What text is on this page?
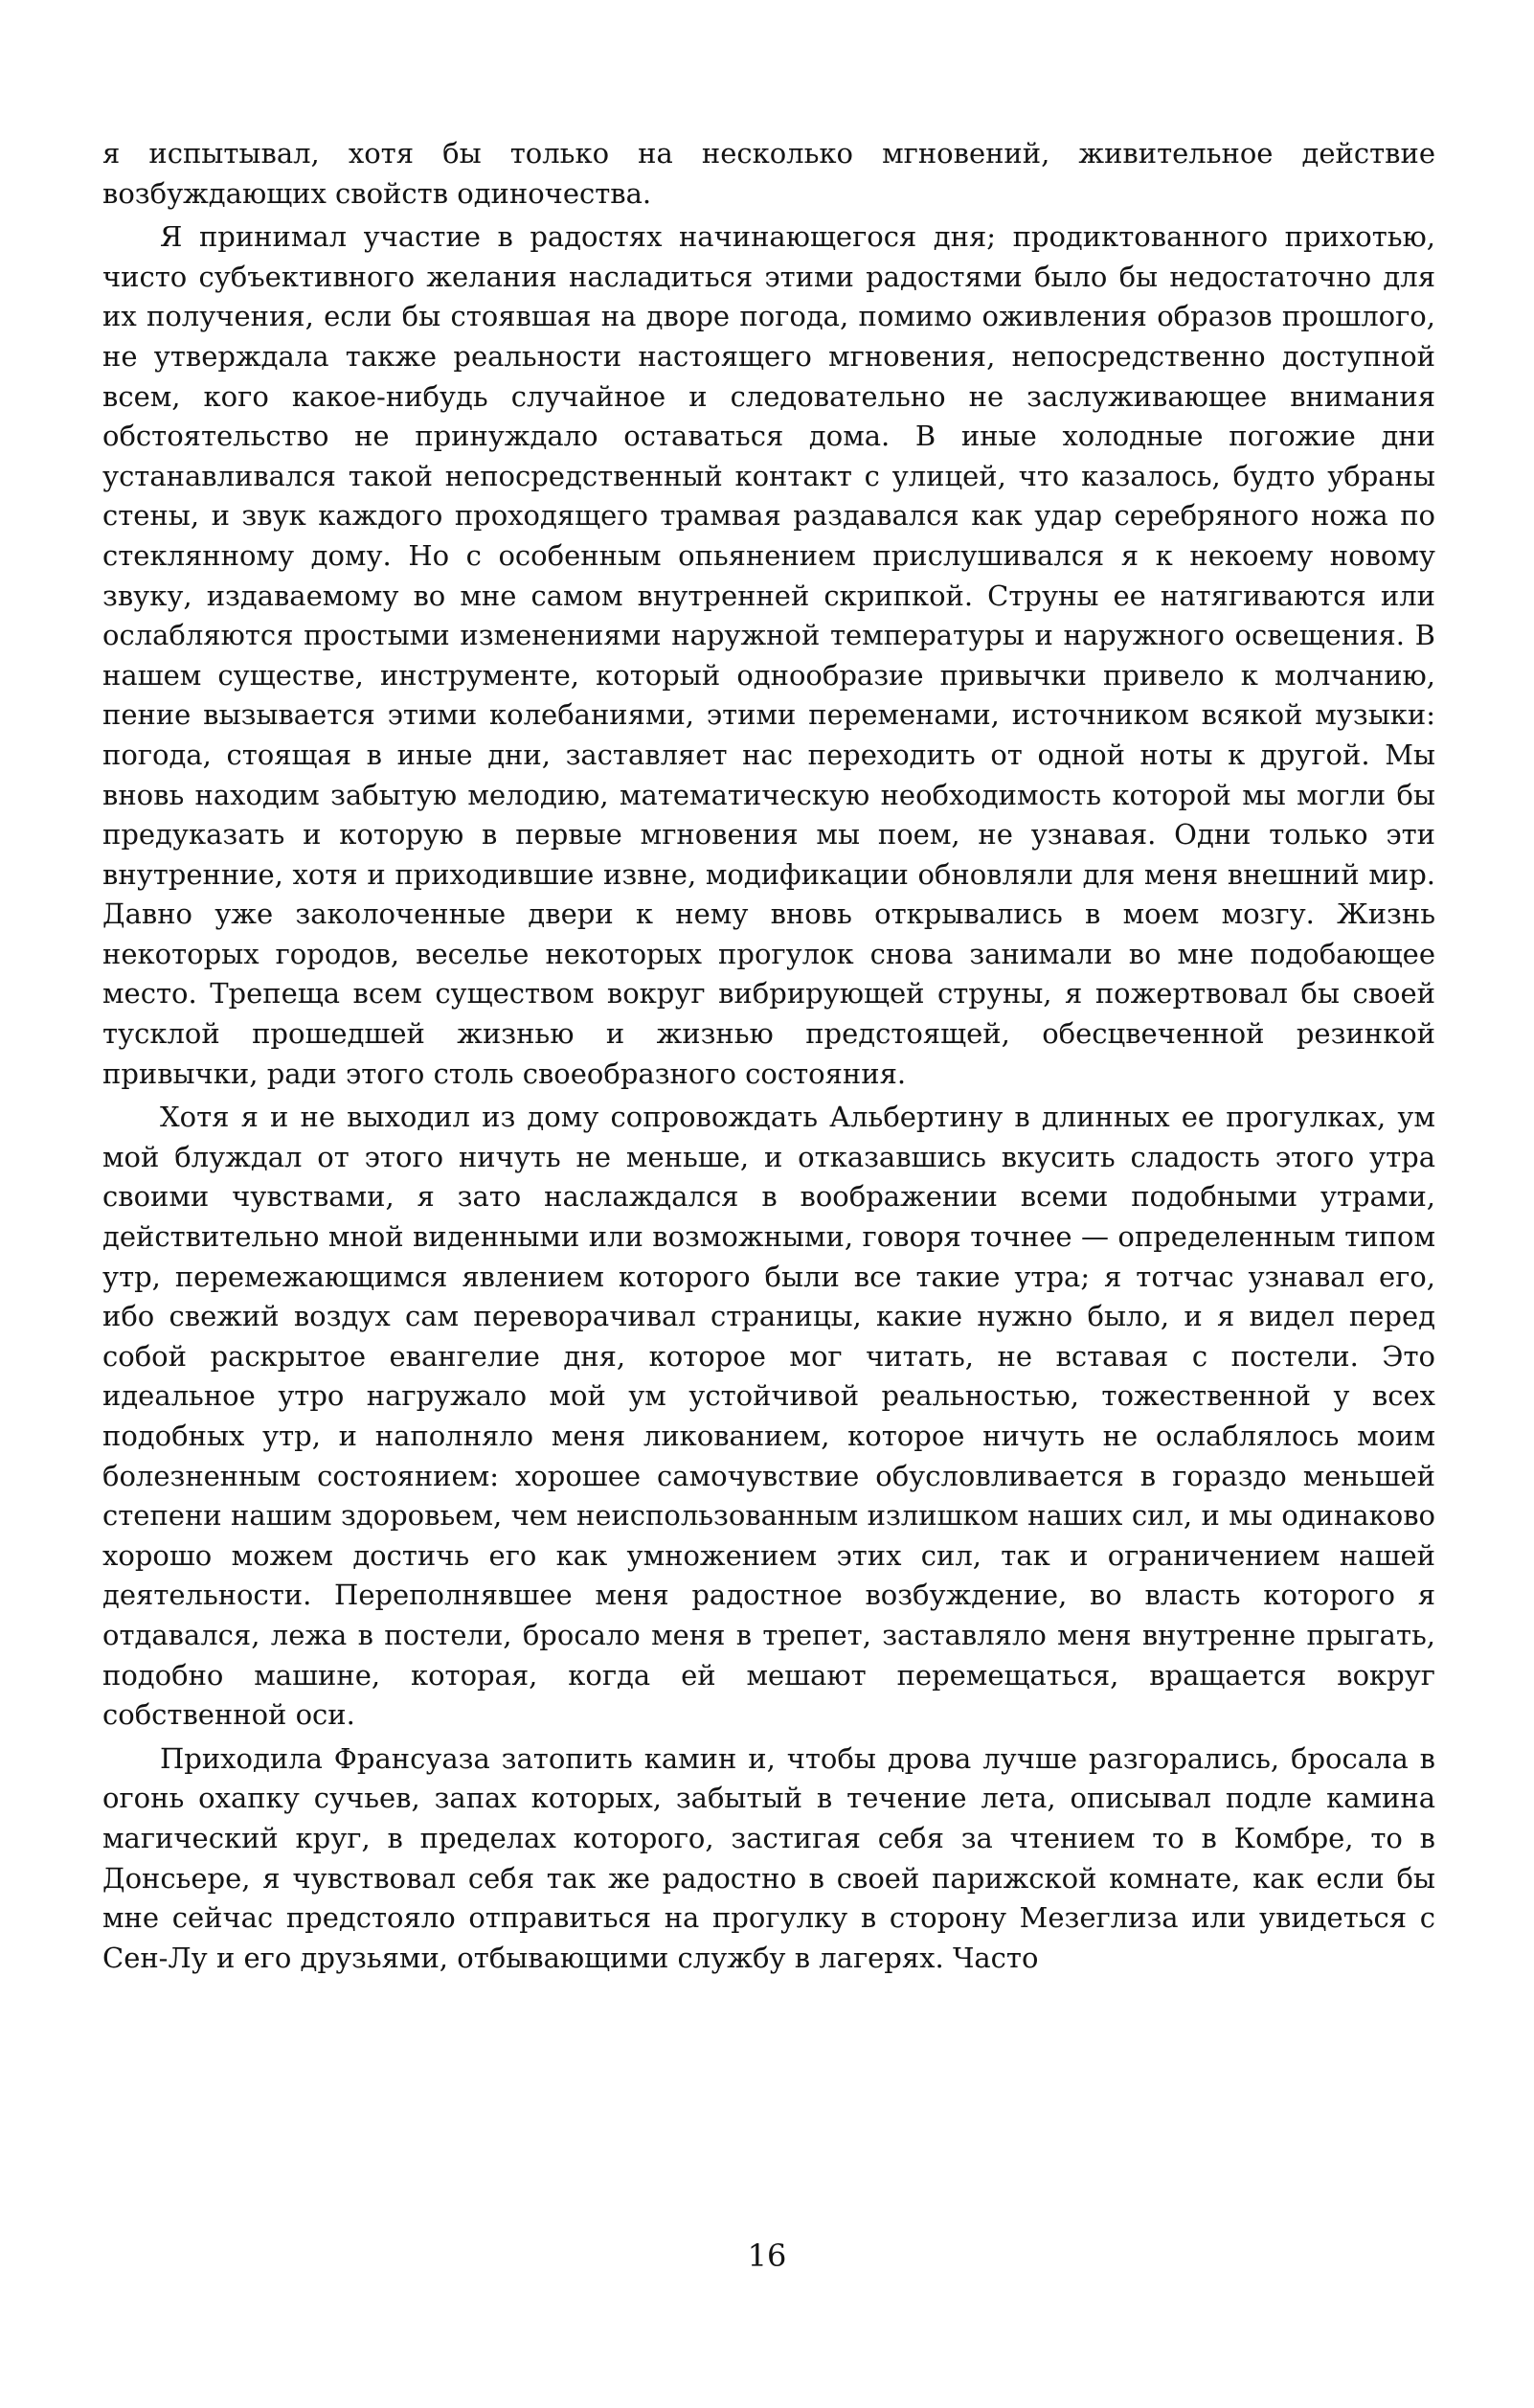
я испытывал, хотя бы только на несколько мгновений, живительное действие возбуждающих свойств одиночества.

Я принимал участие в радостях начинающегося дня; продиктованного прихотью, чисто субъективного желания насладиться этими радостями было бы недостаточно для их получения, если бы стоявшая на дворе погода, помимо оживления образов прошлого, не утверждала также реальности настоящего мгновения, непосредственно доступной всем, кого какое-нибудь случайное и следовательно не заслуживающее внимания обстоятельство не принуждало оставаться дома. В иные холодные погожие дни устанавливался такой непосредственный контакт с улицей, что казалось, будто убраны стены, и звук каждого проходящего трамвая раздавался как удар серебряного ножа по стеклянному дому. Но с особенным опьянением прислушивался я к некоему новому звуку, издаваемому во мне самом внутренней скрипкой. Струны ее натягиваются или ослабляются простыми изменениями наружной температуры и наружного освещения. В нашем существе, инструменте, который однообразие привычки привело к молчанию, пение вызывается этими колебаниями, этими переменами, источником всякой музыки: погода, стоящая в иные дни, заставляет нас переходить от одной ноты к другой. Мы вновь находим забытую мелодию, математическую необходимость которой мы могли бы предуказать и которую в первые мгновения мы поем, не узнавая. Одни только эти внутренние, хотя и приходившие извне, модификации обновляли для меня внешний мир. Давно уже заколоченные двери к нему вновь открывались в моем мозгу. Жизнь некоторых городов, веселье некоторых прогулок снова занимали во мне подобающее место. Трепеща всем существом вокруг вибрирующей струны, я пожертвовал бы своей тусклой прошедшей жизнью и жизнью предстоящей, обесцвеченной резинкой привычки, ради этого столь своеобразного состояния.

Хотя я и не выходил из дому сопровождать Альбертину в длинных ее прогулках, ум мой блуждал от этого ничуть не меньше, и отказавшись вкусить сладость этого утра своими чувствами, я зато наслаждался в воображении всеми подобными утрами, действительно мной виденными или возможными, говоря точнее — определенным типом утр, перемежающимся явлением которого были все такие утра; я тотчас узнавал его, ибо свежий воздух сам переворачивал страницы, какие нужно было, и я видел перед собой раскрытое евангелие дня, которое мог читать, не вставая с постели. Это идеальное утро нагружало мой ум устойчивой реальностью, тожественной у всех подобных утр, и наполняло меня ликованием, которое ничуть не ослаблялось моим болезненным состоянием: хорошее самочувствие обусловливается в гораздо меньшей степени нашим здоровьем, чем неиспользованным излишком наших сил, и мы одинаково хорошо можем достичь его как умножением этих сил, так и ограничением нашей деятельности. Переполнявшее меня радостное возбуждение, во власть которого я отдавался, лежа в постели, бросало меня в трепет, заставляло меня внутренне прыгать, подобно машине, которая, когда ей мешают перемещаться, вращается вокруг собственной оси.

Приходила Франсуаза затопить камин и, чтобы дрова лучше разгорались, бросала в огонь охапку сучьев, запах которых, забытый в течение лета, описывал подле камина магический круг, в пределах которого, застигая себя за чтением то в Комбре, то в Донсьере, я чувствовал себя так же радостно в своей парижской комнате, как если бы мне сейчас предстояло отправиться на прогулку в сторону Мезеглиза или увидеться с Сен-Лу и его друзьями, отбывающими службу в лагерях. Часто

16
